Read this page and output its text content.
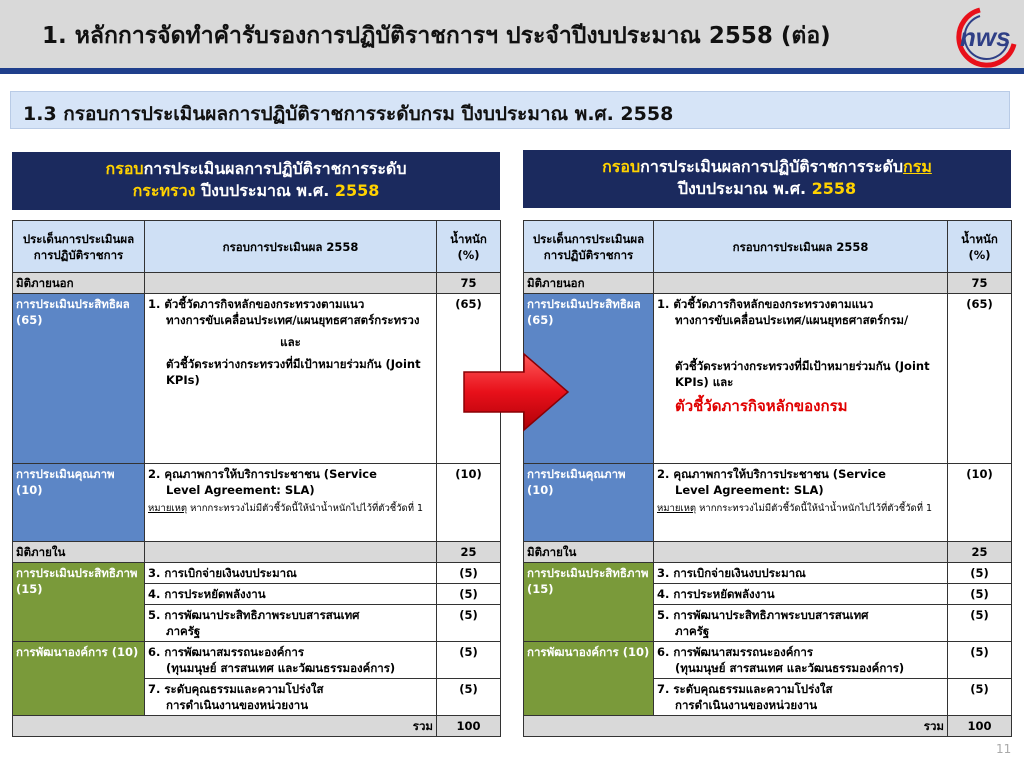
1. หลักการจัดทำคำรับรองการปฏิบัติราชการฯ ประจำปีงบประมาณ 2558 (ต่อ)	nws
1.3 กรอบการประเมินผลการปฏิบัติราชการระดับกรม ปีงบประมาณ พ.ศ. 2558
กรอบการประเมินผลการปฏิบัติราชการระดับ
กระทรวง ปีงบประมาณ พ.ศ. 2558
กรอบการประเมินผลการปฏิบัติราชการระดับกรม
ปีงบประมาณ พ.ศ. 2558
ประเด็นการประเมินผลการปฏิบัติราชการ	กรอบการประเมินผล 2558	น้ำหนัก (%)
มิติภายนอก		75
การประเมินประสิทธิผล (65)	1. ตัวชี้วัดภารกิจหลักของกระทรวงตามแนว
ทางการขับเคลื่อนประเทศ/แผนยุทธศาสตร์กระทรวง
และ
ตัวชี้วัดระหว่างกระทรวงที่มีเป้าหมายร่วมกัน (Joint KPIs)	(65)
การประเมินคุณภาพ (10)	2. คุณภาพการให้บริการประชาชน (Service
Level Agreement: SLA)
หมายเหตุ หากกระทรวงไม่มีตัวชี้วัดนี้ให้นำน้ำหนักไปไว้ที่ตัวชี้วัดที่ 1	(10)
มิติภายใน		25
การประเมินประสิทธิภาพ (15)	3. การเบิกจ่ายเงินงบประมาณ	(5)
	4. การประหยัดพลังงาน	(5)
	5. การพัฒนาประสิทธิภาพระบบสารสนเทศ
ภาครัฐ	(5)
การพัฒนาองค์การ (10)	6. การพัฒนาสมรรถนะองค์การ
(ทุนมนุษย์ สารสนเทศ และวัฒนธรรมองค์การ)	(5)
	7. ระดับคุณธรรมและความโปร่งใส
การดำเนินงานของหน่วยงาน	(5)
รวม		100
ประเด็นการประเมินผลการปฏิบัติราชการ	กรอบการประเมินผล 2558	น้ำหนัก (%)
มิติภายนอก		75
การประเมินประสิทธิผล (65)	1. ตัวชี้วัดภารกิจหลักของกระทรวงตามแนว
ทางการขับเคลื่อนประเทศ/แผนยุทธศาสตร์กรม/
ตัวชี้วัดระหว่างกระทรวงที่มีเป้าหมายร่วมกัน (Joint KPIs) และ
ตัวชี้วัดภารกิจหลักของกรม	(65)
การประเมินคุณภาพ (10)	2. คุณภาพการให้บริการประชาชน (Service
Level Agreement: SLA)
หมายเหตุ หากกระทรวงไม่มีตัวชี้วัดนี้ให้นำน้ำหนักไปไว้ที่ตัวชี้วัดที่ 1	(10)
มิติภายใน		25
การประเมินประสิทธิภาพ (15)	3. การเบิกจ่ายเงินงบประมาณ	(5)
	4. การประหยัดพลังงาน	(5)
	5. การพัฒนาประสิทธิภาพระบบสารสนเทศ
ภาครัฐ	(5)
การพัฒนาองค์การ (10)	6. การพัฒนาสมรรถนะองค์การ
(ทุนมนุษย์ สารสนเทศ และวัฒนธรรมองค์การ)	(5)
	7. ระดับคุณธรรมและความโปร่งใส
การดำเนินงานของหน่วยงาน	(5)
รวม		100
11
